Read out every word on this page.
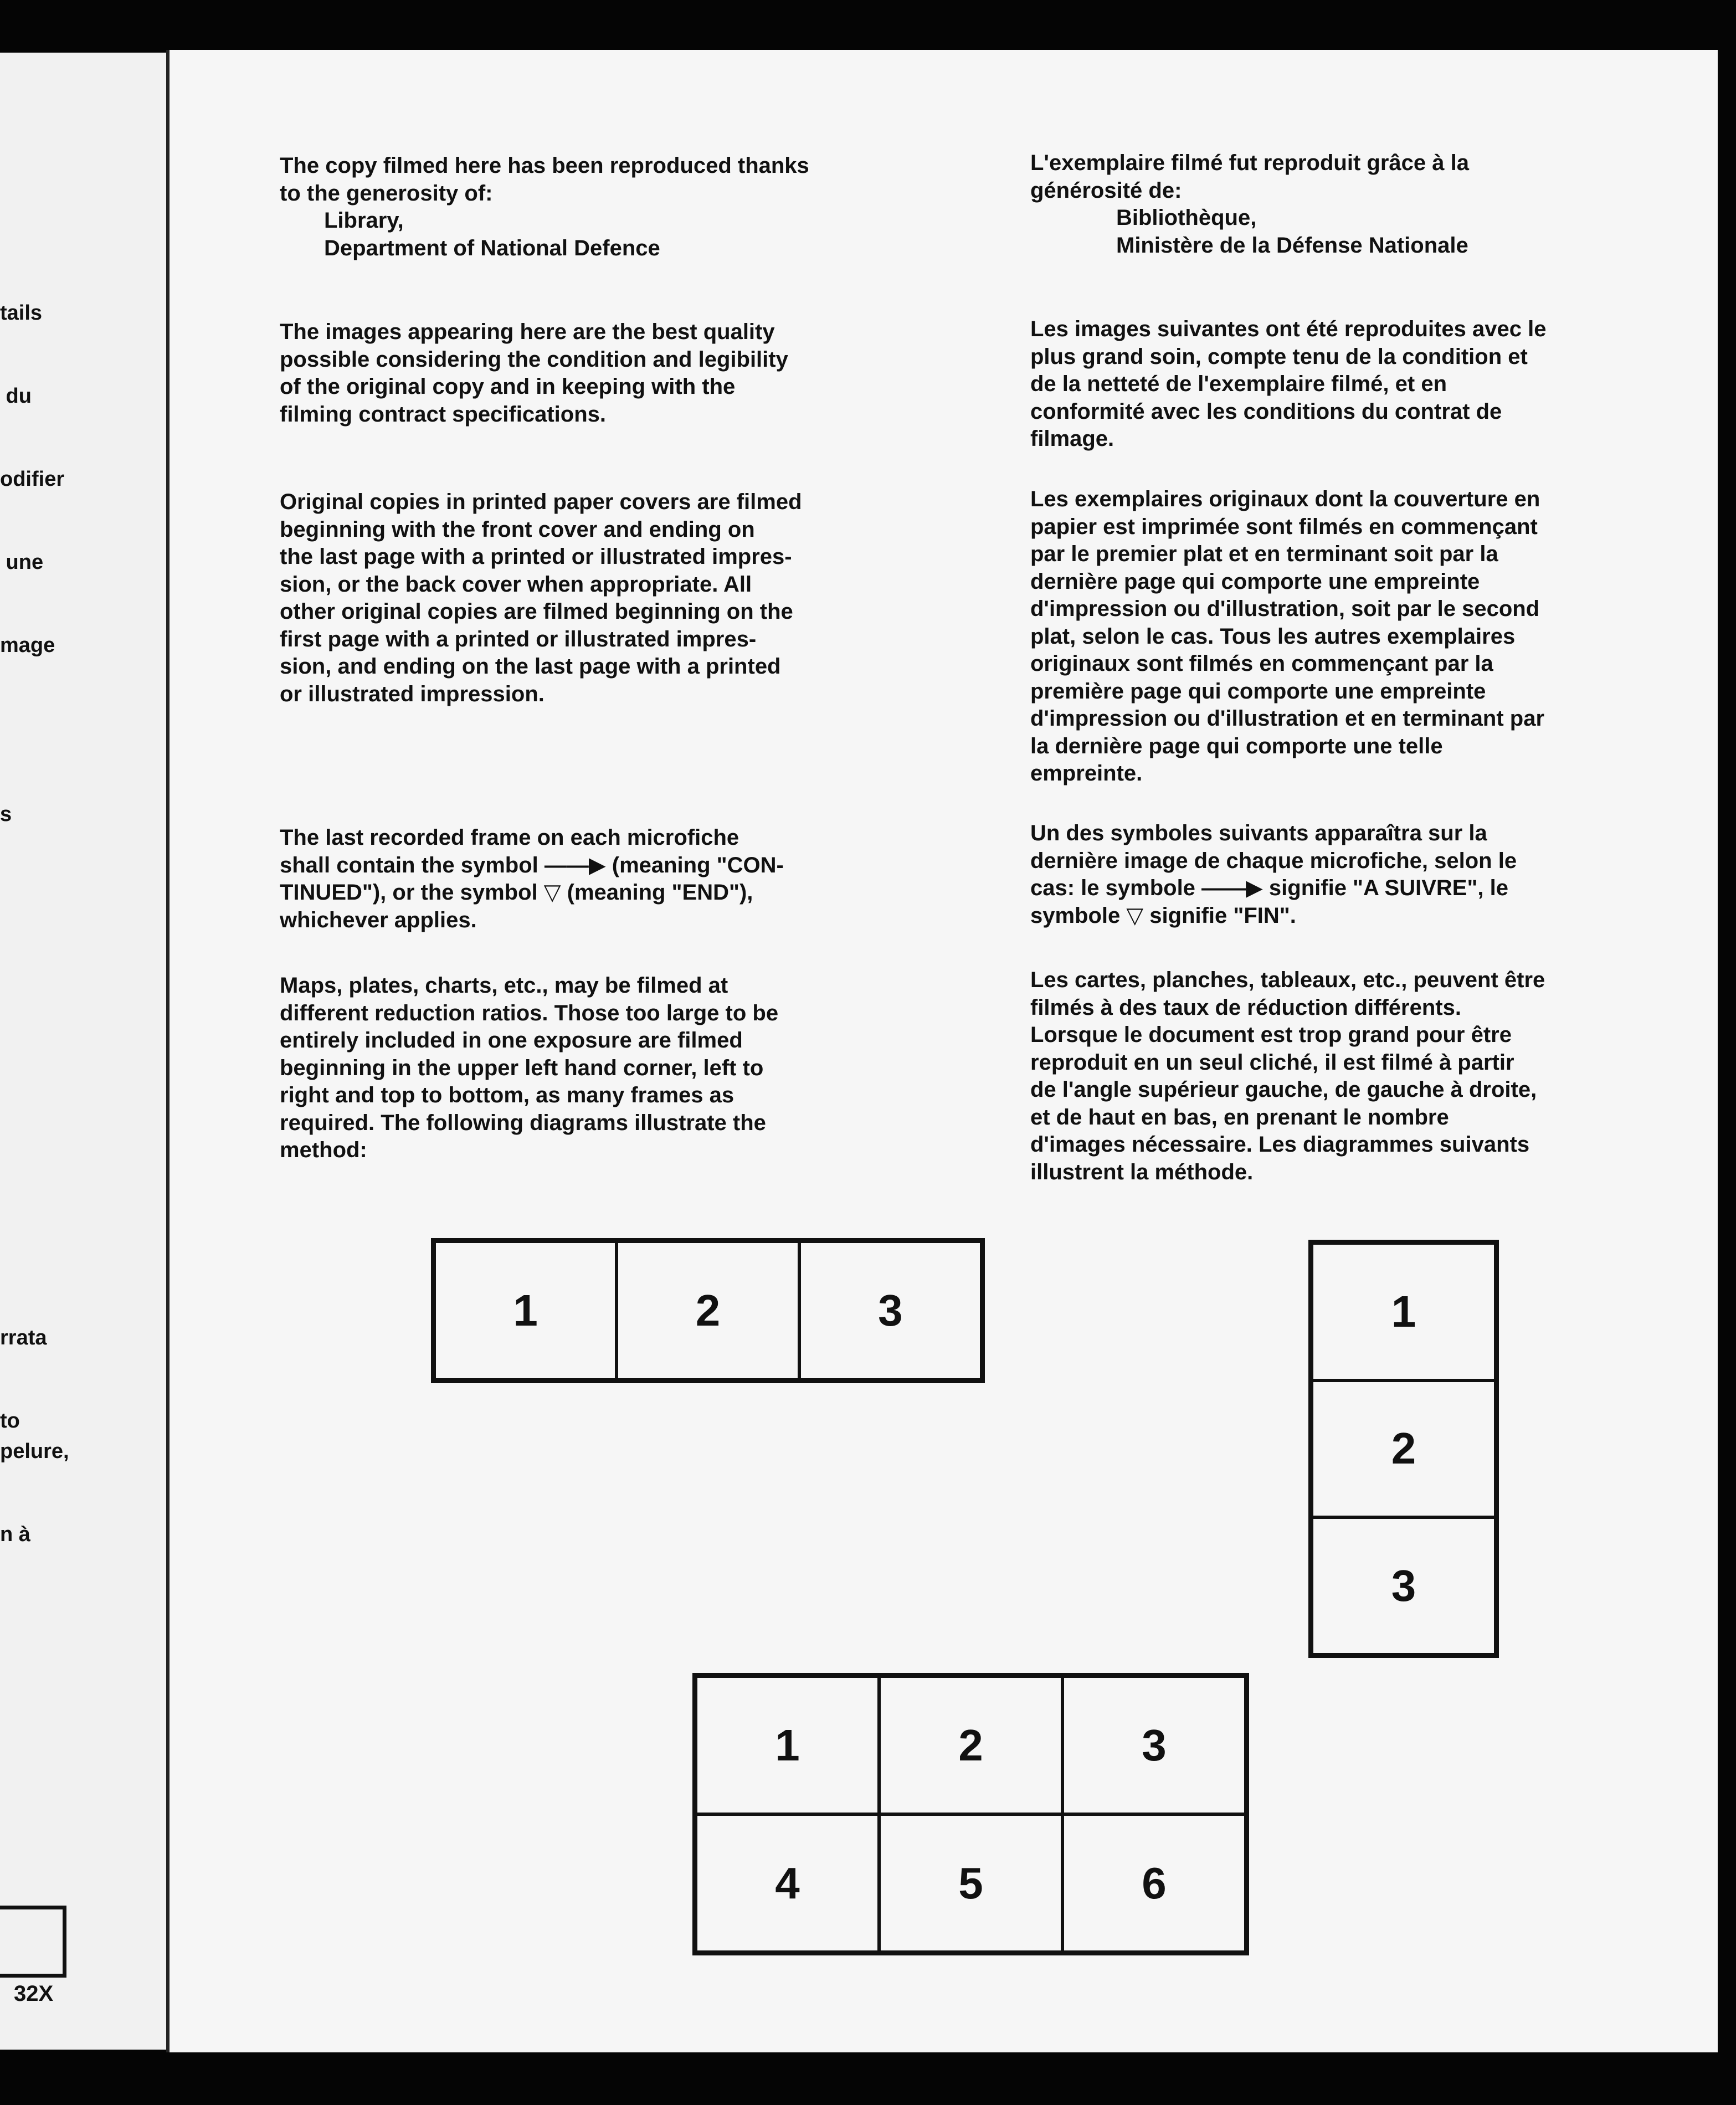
tails

du

odifier

une

mage

s

rrata

to

pelure,

n à

32X

The copy filmed here has been reproduced thanks

to the generosity of:

Library,

Department of National Defence

The images appearing here are the best quality

possible considering the condition and legibility

of the original copy and in keeping with the

filming contract specifications.

Original copies in printed paper covers are filmed

beginning with the front cover and ending on

the last page with a printed or illustrated impres-

sion, or the back cover when appropriate. All

other original copies are filmed beginning on the

first page with a printed or illustrated impres-

sion, and ending on the last page with a printed

or illustrated impression.

The last recorded frame on each microfiche

shall contain the symbol ——▶ (meaning "CON-

TINUED"), or the symbol ▽ (meaning "END"),

whichever applies.

Maps, plates, charts, etc., may be filmed at

different reduction ratios. Those too large to be

entirely included in one exposure are filmed

beginning in the upper left hand corner, left to

right and top to bottom, as many frames as

required. The following diagrams illustrate the

method:

L'exemplaire filmé fut reproduit grâce à la

générosité de:

Bibliothèque,

Ministère de la Défense Nationale

Les images suivantes ont été reproduites avec le

plus grand soin, compte tenu de la condition et

de la netteté de l'exemplaire filmé, et en

conformité avec les conditions du contrat de

filmage.

Les exemplaires originaux dont la couverture en

papier est imprimée sont filmés en commençant

par le premier plat et en terminant soit par la

dernière page qui comporte une empreinte

d'impression ou d'illustration, soit par le second

plat, selon le cas. Tous les autres exemplaires

originaux sont filmés en commençant par la

première page qui comporte une empreinte

d'impression ou d'illustration et en terminant par

la dernière page qui comporte une telle

empreinte.

Un des symboles suivants apparaîtra sur la

dernière image de chaque microfiche, selon le

cas: le symbole ——▶ signifie "A SUIVRE", le

symbole ▽ signifie "FIN".

Les cartes, planches, tableaux, etc., peuvent être

filmés à des taux de réduction différents.

Lorsque le document est trop grand pour être

reproduit en un seul cliché, il est filmé à partir

de l'angle supérieur gauche, de gauche à droite,

et de haut en bas, en prenant le nombre

d'images nécessaire. Les diagrammes suivants

illustrent la méthode.

1	2	3	1
2
3
1	2	3
4	5	6
